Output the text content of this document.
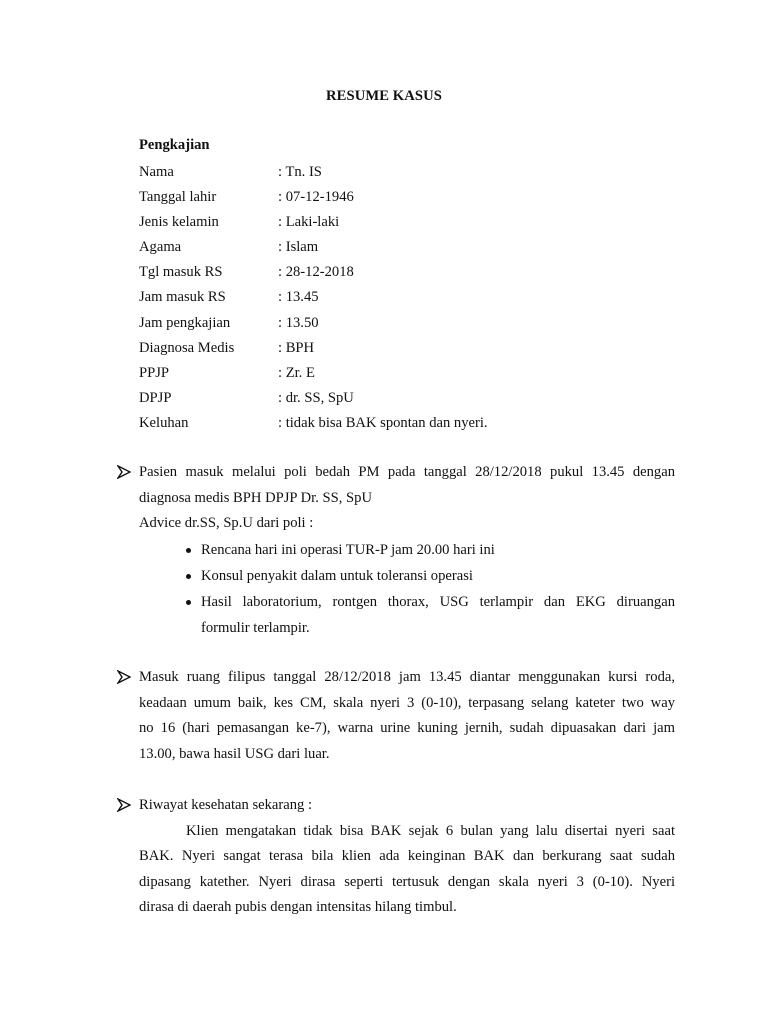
RESUME KASUS
Pengkajian
Nama	: Tn. IS
Tanggal lahir	: 07-12-1946
Jenis kelamin	: Laki-laki
Agama	: Islam
Tgl masuk RS	: 28-12-2018
Jam masuk RS	: 13.45
Jam pengkajian	: 13.50
Diagnosa Medis	: BPH
PPJP	: Zr. E
DPJP	: dr. SS, SpU
Keluhan	: tidak bisa BAK spontan dan nyeri.
Pasien masuk melalui poli bedah PM pada tanggal 28/12/2018 pukul 13.45 dengan
diagnosa medis BPH DPJP Dr. SS, SpU
Advice dr.SS, Sp.U dari poli :
Rencana hari ini operasi TUR-P jam 20.00 hari ini
Konsul penyakit dalam untuk toleransi operasi
Hasil laboratorium, rontgen thorax, USG terlampir dan EKG diruangan
formulir terlampir.
Masuk ruang filipus tanggal 28/12/2018 jam 13.45 diantar menggunakan kursi roda,
keadaan umum baik, kes CM, skala nyeri 3 (0-10), terpasang selang kateter two way
no 16 (hari pemasangan ke-7), warna urine kuning jernih, sudah dipuasakan dari jam
13.00, bawa hasil USG dari luar.
Riwayat kesehatan sekarang :
Klien mengatakan tidak bisa BAK sejak 6 bulan yang lalu disertai nyeri saat
BAK. Nyeri sangat terasa bila klien ada keinginan BAK dan berkurang saat sudah
dipasang katether. Nyeri dirasa seperti tertusuk dengan skala nyeri 3 (0-10). Nyeri
dirasa di daerah pubis dengan intensitas hilang timbul.
